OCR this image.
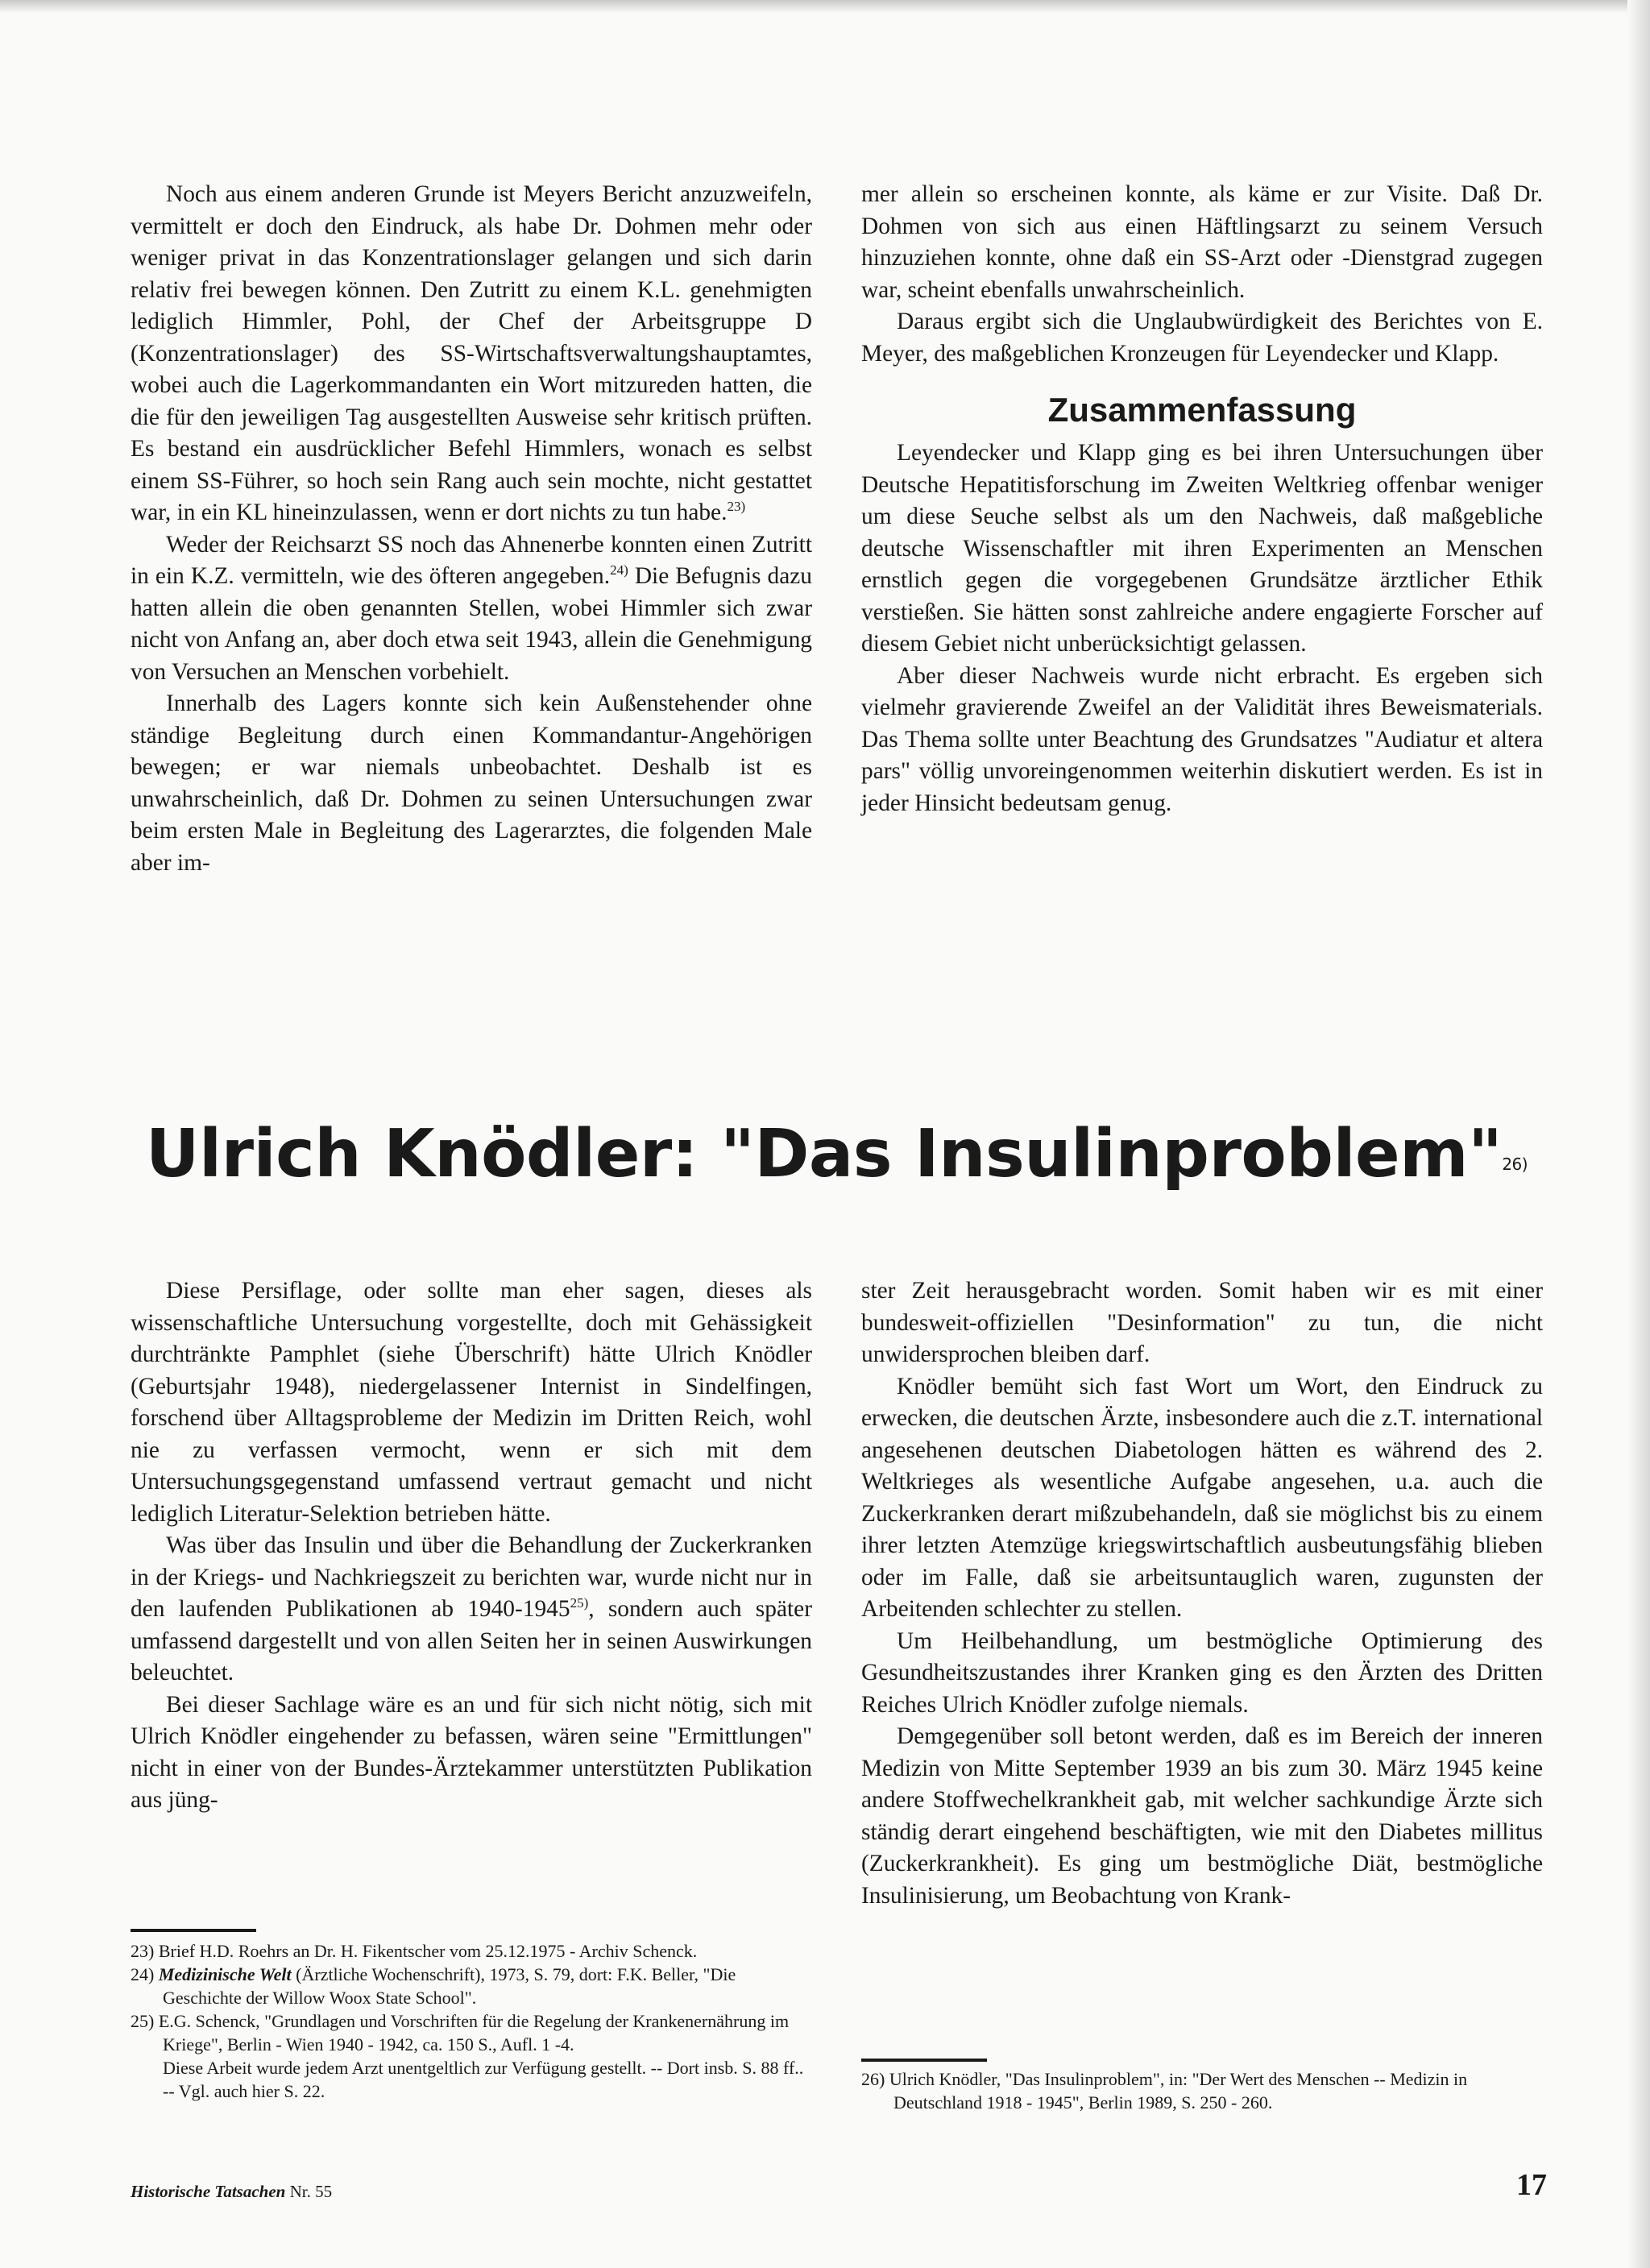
Noch aus einem anderen Grunde ist Meyers Bericht anzuzweifeln, vermittelt er doch den Eindruck, als habe Dr. Dohmen mehr oder weniger privat in das Konzentrationslager gelangen und sich darin relativ frei bewegen können. Den Zutritt zu einem K.L. genehmigten lediglich Himmler, Pohl, der Chef der Arbeitsgruppe D (Konzentrationslager) des SS-Wirtschaftsverwaltungshauptamtes, wobei auch die Lagerkommandanten ein Wort mitzureden hatten, die die für den jeweiligen Tag ausgestellten Ausweise sehr kritisch prüften. Es bestand ein ausdrücklicher Befehl Himmlers, wonach es selbst einem SS-Führer, so hoch sein Rang auch sein mochte, nicht gestattet war, in ein KL hineinzulassen, wenn er dort nichts zu tun habe.$^{23)}$

Weder der Reichsarzt SS noch das Ahnenerbe konnten einen Zutritt in ein K.Z. vermitteln, wie des öfteren angegeben.$^{24)}$ Die Befugnis dazu hatten allein die oben genannten Stellen, wobei Himmler sich zwar nicht von Anfang an, aber doch etwa seit 1943, allein die Genehmigung von Versuchen an Menschen vorbehielt.

Innerhalb des Lagers konnte sich kein Außenstehender ohne ständige Begleitung durch einen Kommandantur-Angehörigen bewegen; er war niemals unbeobachtet. Deshalb ist es unwahrscheinlich, daß Dr. Dohmen zu seinen Untersuchungen zwar beim ersten Male in Begleitung des Lagerarztes, die folgenden Male aber im-

mer allein so erscheinen konnte, als käme er zur Visite. Daß Dr. Dohmen von sich aus einen Häftlingsarzt zu seinem Versuch hinzuziehen konnte, ohne daß ein SS-Arzt oder -Dienstgrad zugegen war, scheint ebenfalls unwahrscheinlich.

Daraus ergibt sich die Unglaubwürdigkeit des Berichtes von E. Meyer, des maßgeblichen Kronzeugen für Leyendecker und Klapp.

Zusammenfassung

Leyendecker und Klapp ging es bei ihren Untersuchungen über Deutsche Hepatitisforschung im Zweiten Weltkrieg offenbar weniger um diese Seuche selbst als um den Nachweis, daß maßgebliche deutsche Wissenschaftler mit ihren Experimenten an Menschen ernstlich gegen die vorgegebenen Grundsätze ärztlicher Ethik verstießen. Sie hätten sonst zahlreiche andere engagierte Forscher auf diesem Gebiet nicht unberücksichtigt gelassen.

Aber dieser Nachweis wurde nicht erbracht. Es ergeben sich vielmehr gravierende Zweifel an der Validität ihres Beweismaterials. Das Thema sollte unter Beachtung des Grundsatzes "Audiatur et altera pars" völlig unvoreingenommen weiterhin diskutiert werden. Es ist in jeder Hinsicht bedeutsam genug.

Ulrich Knödler: "Das Insulinproblem"$^{26)}$

Diese Persiflage, oder sollte man eher sagen, dieses als wissenschaftliche Untersuchung vorgestellte, doch mit Gehässigkeit durchtränkte Pamphlet (siehe Überschrift) hätte Ulrich Knödler (Geburtsjahr 1948), niedergelassener Internist in Sindelfingen, forschend über Alltagsprobleme der Medizin im Dritten Reich, wohl nie zu verfassen vermocht, wenn er sich mit dem Untersuchungsgegenstand umfassend vertraut gemacht und nicht lediglich Literatur-Selektion betrieben hätte.

Was über das Insulin und über die Behandlung der Zuckerkranken in der Kriegs- und Nachkriegszeit zu berichten war, wurde nicht nur in den laufenden Publikationen ab 1940-1945$^{25)}$, sondern auch später umfassend dargestellt und von allen Seiten her in seinen Auswirkungen beleuchtet.

Bei dieser Sachlage wäre es an und für sich nicht nötig, sich mit Ulrich Knödler eingehender zu befassen, wären seine "Ermittlungen" nicht in einer von der Bundes-Ärztekammer unterstützten Publikation aus jüng-

ster Zeit herausgebracht worden. Somit haben wir es mit einer bundesweit-offiziellen "Desinformation" zu tun, die nicht unwidersprochen bleiben darf.

Knödler bemüht sich fast Wort um Wort, den Eindruck zu erwecken, die deutschen Ärzte, insbesondere auch die z.T. international angesehenen deutschen Diabetologen hätten es während des 2. Weltkrieges als wesentliche Aufgabe angesehen, u.a. auch die Zuckerkranken derart mißzubehandeln, daß sie möglichst bis zu einem ihrer letzten Atemzüge kriegswirtschaftlich ausbeutungsfähig blieben oder im Falle, daß sie arbeitsuntauglich waren, zugunsten der Arbeitenden schlechter zu stellen.

Um Heilbehandlung, um bestmögliche Optimierung des Gesundheitszustandes ihrer Kranken ging es den Ärzten des Dritten Reiches Ulrich Knödler zufolge niemals.

Demgegenüber soll betont werden, daß es im Bereich der inneren Medizin von Mitte September 1939 an bis zum 30. März 1945 keine andere Stoffwechelkrankheit gab, mit welcher sachkundige Ärzte sich ständig derart eingehend beschäftigten, wie mit den Diabetes millitus (Zuckerkrankheit). Es ging um bestmögliche Diät, bestmögliche Insulinisierung, um Beobachtung von Krank-

23) Brief H.D. Roehrs an Dr. H. Fikentscher vom 25.12.1975 - Archiv Schenck.

24) Medizinische Welt (Ärztliche Wochenschrift), 1973, S. 79, dort: F.K. Beller, "Die Geschichte der Willow Woox State School".

25) E.G. Schenck, "Grundlagen und Vorschriften für die Regelung der Krankenernährung im Kriege", Berlin - Wien 1940 - 1942, ca. 150 S., Aufl. 1 -4.

Diese Arbeit wurde jedem Arzt unentgeltlich zur Verfügung gestellt. -- Dort insb. S. 88 ff.. -- Vgl. auch hier S. 22.

26) Ulrich Knödler, "Das Insulinproblem", in: "Der Wert des Menschen -- Medizin in Deutschland 1918 - 1945", Berlin 1989, S. 250 - 260.

Historische Tatsachen Nr. 55	17
